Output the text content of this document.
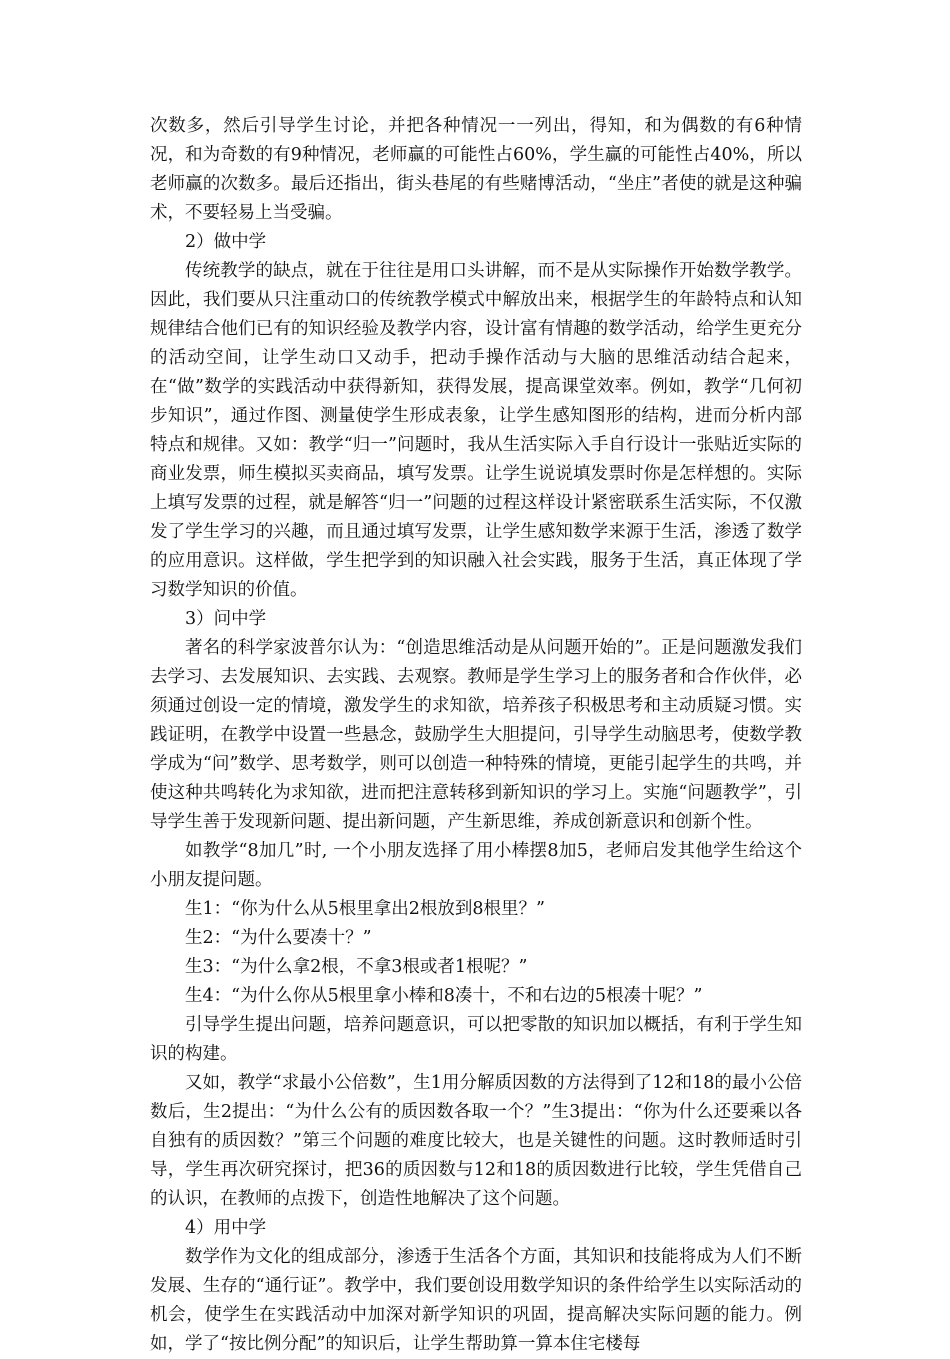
次数多，然后引导学生讨论，并把各种情况一一列出，得知，和为偶数的有6种情况，和为奇数的有9种情况，老师赢的可能性占60%，学生赢的可能性占40%，所以老师赢的次数多。最后还指出，街头巷尾的有些赌博活动，“坐庄”者使的就是这种骗术，不要轻易上当受骗。

2）做中学

传统教学的缺点，就在于往往是用口头讲解，而不是从实际操作开始数学教学。因此，我们要从只注重动口的传统教学模式中解放出来，根据学生的年龄特点和认知规律结合他们已有的知识经验及教学内容，设计富有情趣的数学活动，给学生更充分的活动空间，让学生动口又动手，把动手操作活动与大脑的思维活动结合起来，在“做”数学的实践活动中获得新知，获得发展，提高课堂效率。例如，教学“几何初步知识”，通过作图、测量使学生形成表象，让学生感知图形的结构，进而分析内部特点和规律。又如：教学“归一”问题时，我从生活实际入手自行设计一张贴近实际的商业发票，师生模拟买卖商品，填写发票。让学生说说填发票时你是怎样想的。实际上填写发票的过程，就是解答“归一”问题的过程这样设计紧密联系生活实际，不仅激发了学生学习的兴趣，而且通过填写发票，让学生感知数学来源于生活，渗透了数学的应用意识。这样做，学生把学到的知识融入社会实践，服务于生活，真正体现了学习数学知识的价值。

3）问中学

著名的科学家波普尔认为：“创造思维活动是从问题开始的”。正是问题激发我们去学习、去发展知识、去实践、去观察。教师是学生学习上的服务者和合作伙伴，必须通过创设一定的情境，激发学生的求知欲，培养孩子积极思考和主动质疑习惯。实践证明，在教学中设置一些悬念，鼓励学生大胆提问，引导学生动脑思考，使数学教学成为“问”数学、思考数学，则可以创造一种特殊的情境，更能引起学生的共鸣，并使这种共鸣转化为求知欲，进而把注意转移到新知识的学习上。实施“问题教学”，引导学生善于发现新问题、提出新问题，产生新思维，养成创新意识和创新个性。

如教学“8加几”时, 一个小朋友选择了用小棒摆8加5，老师启发其他学生给这个小朋友提问题。

生1：“你为什么从5根里拿出2根放到8根里？”

生2：“为什么要凑十？”

生3：“为什么拿2根，不拿3根或者1根呢？”

生4：“为什么你从5根里拿小棒和8凑十，不和右边的5根凑十呢？”

引导学生提出问题，培养问题意识，可以把零散的知识加以概括，有利于学生知识的构建。

又如，教学“求最小公倍数”，生1用分解质因数的方法得到了12和18的最小公倍数后，生2提出：“为什么公有的质因数各取一个？”生3提出：“你为什么还要乘以各自独有的质因数？”第三个问题的难度比较大，也是关键性的问题。这时教师适时引导，学生再次研究探讨，把36的质因数与12和18的质因数进行比较，学生凭借自己的认识，在教师的点拨下，创造性地解决了这个问题。

4）用中学

数学作为文化的组成部分，渗透于生活各个方面，其知识和技能将成为人们不断发展、生存的“通行证”。教学中，我们要创设用数学知识的条件给学生以实际活动的机会，使学生在实践活动中加深对新学知识的巩固，提高解决实际问题的能力。例如，学了“按比例分配”的知识后，让学生帮助算一算本住宅楼每
